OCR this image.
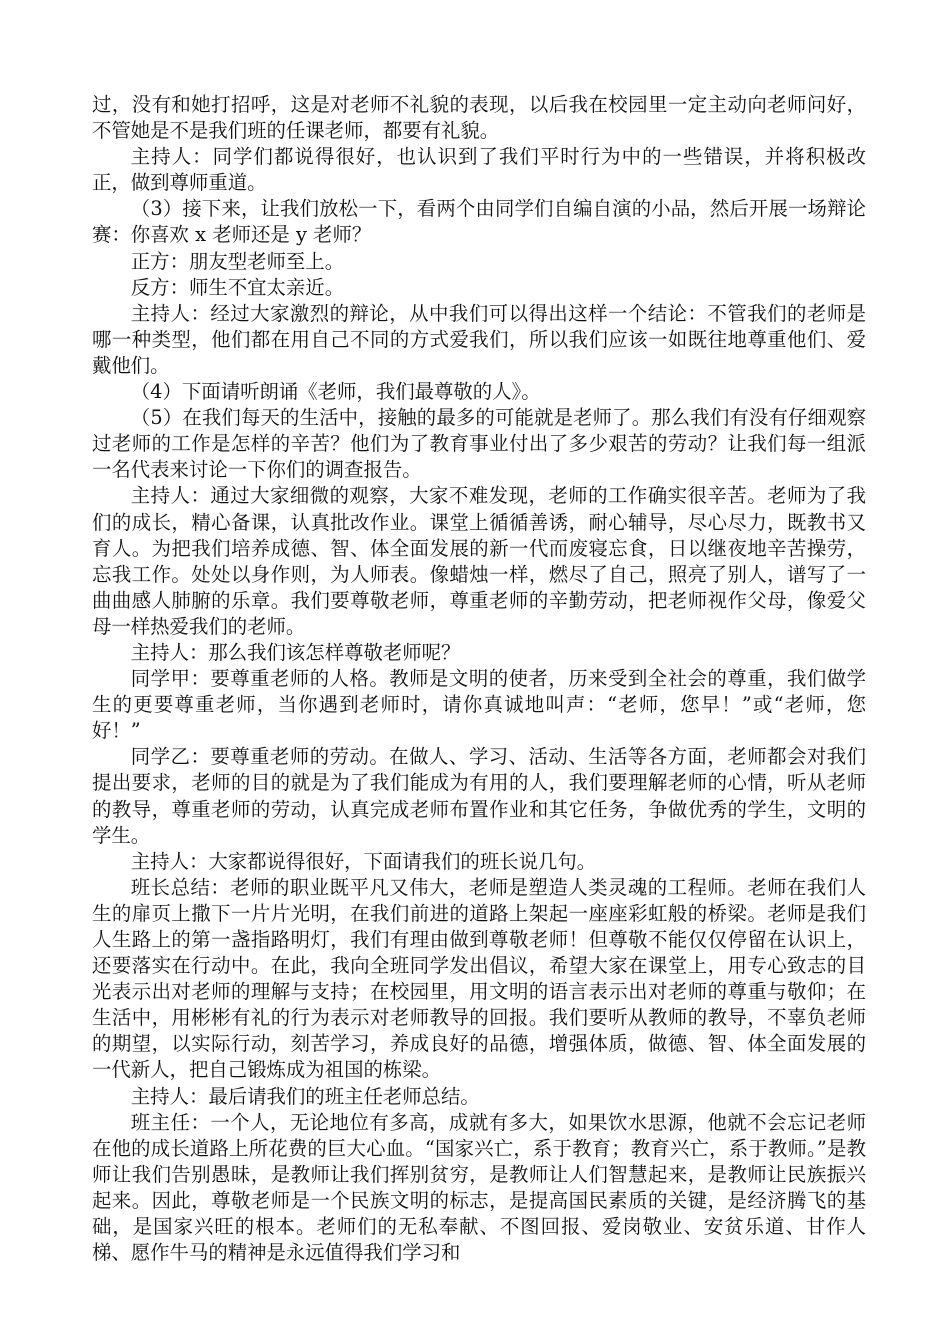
过，没有和她打招呼，这是对老师不礼貌的表现，以后我在校园里一定主动向老师问好，不管她是不是我们班的任课老师，都要有礼貌。

主持人：同学们都说得很好，也认识到了我们平时行为中的一些错误，并将积极改正，做到尊师重道。

（3）接下来，让我们放松一下，看两个由同学们自编自演的小品，然后开展一场辩论赛：你喜欢 x 老师还是 y 老师？

正方：朋友型老师至上。

反方：师生不宜太亲近。

主持人：经过大家激烈的辩论，从中我们可以得出这样一个结论：不管我们的老师是哪一种类型，他们都在用自己不同的方式爱我们，所以我们应该一如既往地尊重他们、爱戴他们。

（4）下面请听朗诵《老师，我们最尊敬的人》。

（5）在我们每天的生活中，接触的最多的可能就是老师了。那么我们有没有仔细观察过老师的工作是怎样的辛苦？他们为了教育事业付出了多少艰苦的劳动？让我们每一组派一名代表来讨论一下你们的调查报告。

主持人：通过大家细微的观察，大家不难发现，老师的工作确实很辛苦。老师为了我们的成长，精心备课，认真批改作业。课堂上循循善诱，耐心辅导，尽心尽力，既教书又育人。为把我们培养成德、智、体全面发展的新一代而废寝忘食，日以继夜地辛苦操劳，忘我工作。处处以身作则，为人师表。像蜡烛一样，燃尽了自己，照亮了别人，谱写了一曲曲感人肺腑的乐章。我们要尊敬老师，尊重老师的辛勤劳动，把老师视作父母，像爱父母一样热爱我们的老师。

主持人：那么我们该怎样尊敬老师呢？

同学甲：要尊重老师的人格。教师是文明的使者，历来受到全社会的尊重，我们做学生的更要尊重老师，当你遇到老师时，请你真诚地叫声：“老师，您早！”或“老师，您好！”

同学乙：要尊重老师的劳动。在做人、学习、活动、生活等各方面，老师都会对我们提出要求，老师的目的就是为了我们能成为有用的人，我们要理解老师的心情，听从老师的教导，尊重老师的劳动，认真完成老师布置作业和其它任务，争做优秀的学生，文明的学生。

主持人：大家都说得很好，下面请我们的班长说几句。

班长总结：老师的职业既平凡又伟大，老师是塑造人类灵魂的工程师。老师在我们人生的扉页上撒下一片片光明，在我们前进的道路上架起一座座彩虹般的桥梁。老师是我们人生路上的第一盏指路明灯，我们有理由做到尊敬老师！但尊敬不能仅仅停留在认识上，还要落实在行动中。在此，我向全班同学发出倡议，希望大家在课堂上，用专心致志的目光表示出对老师的理解与支持；在校园里，用文明的语言表示出对老师的尊重与敬仰；在生活中，用彬彬有礼的行为表示对老师教导的回报。我们要听从教师的教导，不辜负老师的期望，以实际行动，刻苦学习，养成良好的品德，增强体质，做德、智、体全面发展的一代新人，把自己锻炼成为祖国的栋梁。

主持人：最后请我们的班主任老师总结。

班主任：一个人，无论地位有多高，成就有多大，如果饮水思源，他就不会忘记老师在他的成长道路上所花费的巨大心血。“国家兴亡，系于教育；教育兴亡，系于教师。”是教师让我们告别愚昧，是教师让我们挥别贫穷，是教师让人们智慧起来，是教师让民族振兴起来。因此，尊敬老师是一个民族文明的标志，是提高国民素质的关键，是经济腾飞的基础，是国家兴旺的根本。老师们的无私奉献、不图回报、爱岗敬业、安贫乐道、甘作人梯、愿作牛马的精神是永远值得我们学习和
